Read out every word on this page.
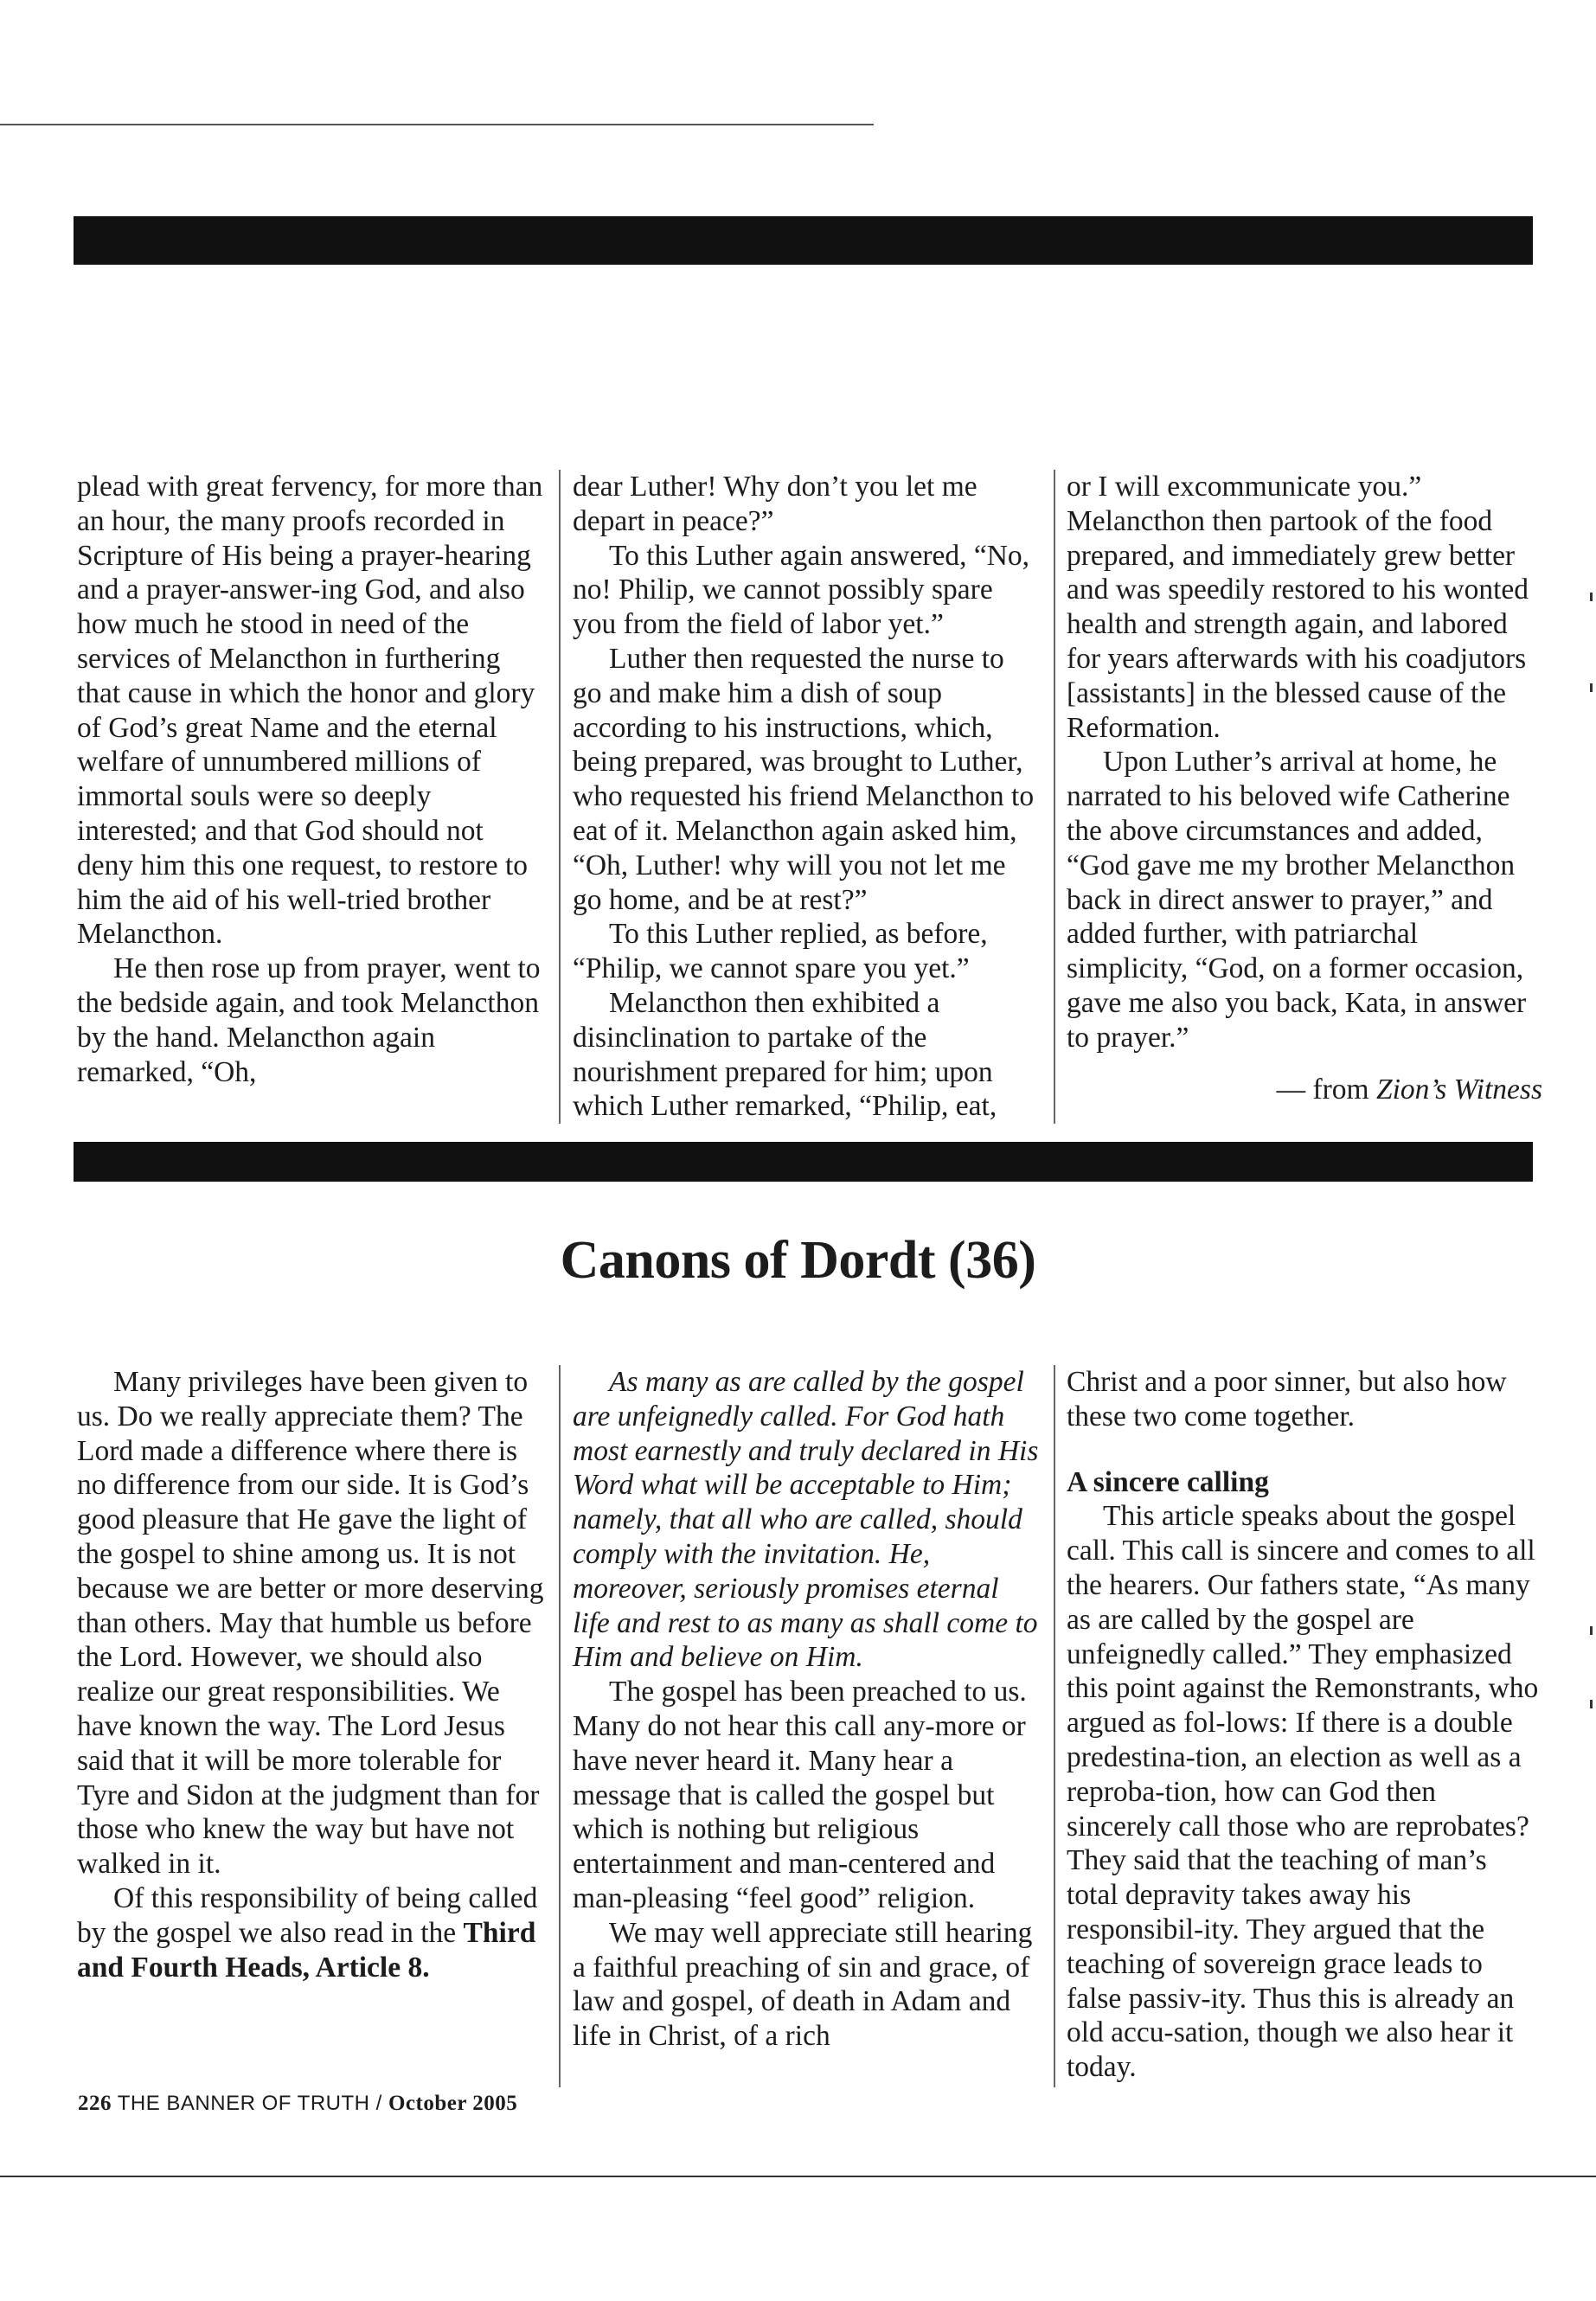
plead with great fervency, for more than an hour, the many proofs recorded in Scripture of His being a prayer-hearing and a prayer-answer-ing God, and also how much he stood in need of the services of Melancthon in furthering that cause in which the honor and glory of God’s great Name and the eternal welfare of unnumbered millions of immortal souls were so deeply interested; and that God should not deny him this one request, to restore to him the aid of his well-tried brother Melancthon.

He then rose up from prayer, went to the bedside again, and took Melancthon by the hand. Melancthon again remarked, “Oh,

dear Luther! Why don’t you let me depart in peace?”

To this Luther again answered, “No, no! Philip, we cannot possibly spare you from the field of labor yet.”

Luther then requested the nurse to go and make him a dish of soup according to his instructions, which, being prepared, was brought to Luther, who requested his friend Melancthon to eat of it. Melancthon again asked him, “Oh, Luther! why will you not let me go home, and be at rest?”

To this Luther replied, as before, “Philip, we cannot spare you yet.”

Melancthon then exhibited a disinclination to partake of the nourishment prepared for him; upon which Luther remarked, “Philip, eat,

or I will excommunicate you.” Melancthon then partook of the food prepared, and immediately grew better and was speedily restored to his wonted health and strength again, and labored for years afterwards with his coadjutors [assistants] in the blessed cause of the Reformation.

Upon Luther’s arrival at home, he narrated to his beloved wife Catherine the above circumstances and added, “God gave me my brother Melancthon back in direct answer to prayer,” and added further, with patriarchal simplicity, “God, on a former occasion, gave me also you back, Kata, in answer to prayer.”

— from Zion’s Witness
Canons of Dordt (36)

Many privileges have been given to us. Do we really appreciate them? The Lord made a difference where there is no difference from our side. It is God’s good pleasure that He gave the light of the gospel to shine among us. It is not because we are better or more deserving than others. May that humble us before the Lord. However, we should also realize our great responsibilities. We have known the way. The Lord Jesus said that it will be more tolerable for Tyre and Sidon at the judgment than for those who knew the way but have not walked in it.

Of this responsibility of being called by the gospel we also read in the Third and Fourth Heads, Article 8.

As many as are called by the gospel are unfeignedly called. For God hath most earnestly and truly declared in His Word what will be acceptable to Him; namely, that all who are called, should comply with the invitation. He, moreover, seriously promises eternal life and rest to as many as shall come to Him and believe on Him.

The gospel has been preached to us. Many do not hear this call any-more or have never heard it. Many hear a message that is called the gospel but which is nothing but religious entertainment and man-centered and man-pleasing “feel good” religion.

We may well appreciate still hearing a faithful preaching of sin and grace, of law and gospel, of death in Adam and life in Christ, of a rich

Christ and a poor sinner, but also how these two come together.

A sincere calling

This article speaks about the gospel call. This call is sincere and comes to all the hearers. Our fathers state, “As many as are called by the gospel are unfeignedly called.” They emphasized this point against the Remonstrants, who argued as fol-lows: If there is a double predestina-tion, an election as well as a reproba-tion, how can God then sincerely call those who are reprobates? They said that the teaching of man’s total depravity takes away his responsibil-ity. They argued that the teaching of sovereign grace leads to false passiv-ity. Thus this is already an old accu-sation, though we also hear it today.

226 THE BANNER OF TRUTH / October 2005
